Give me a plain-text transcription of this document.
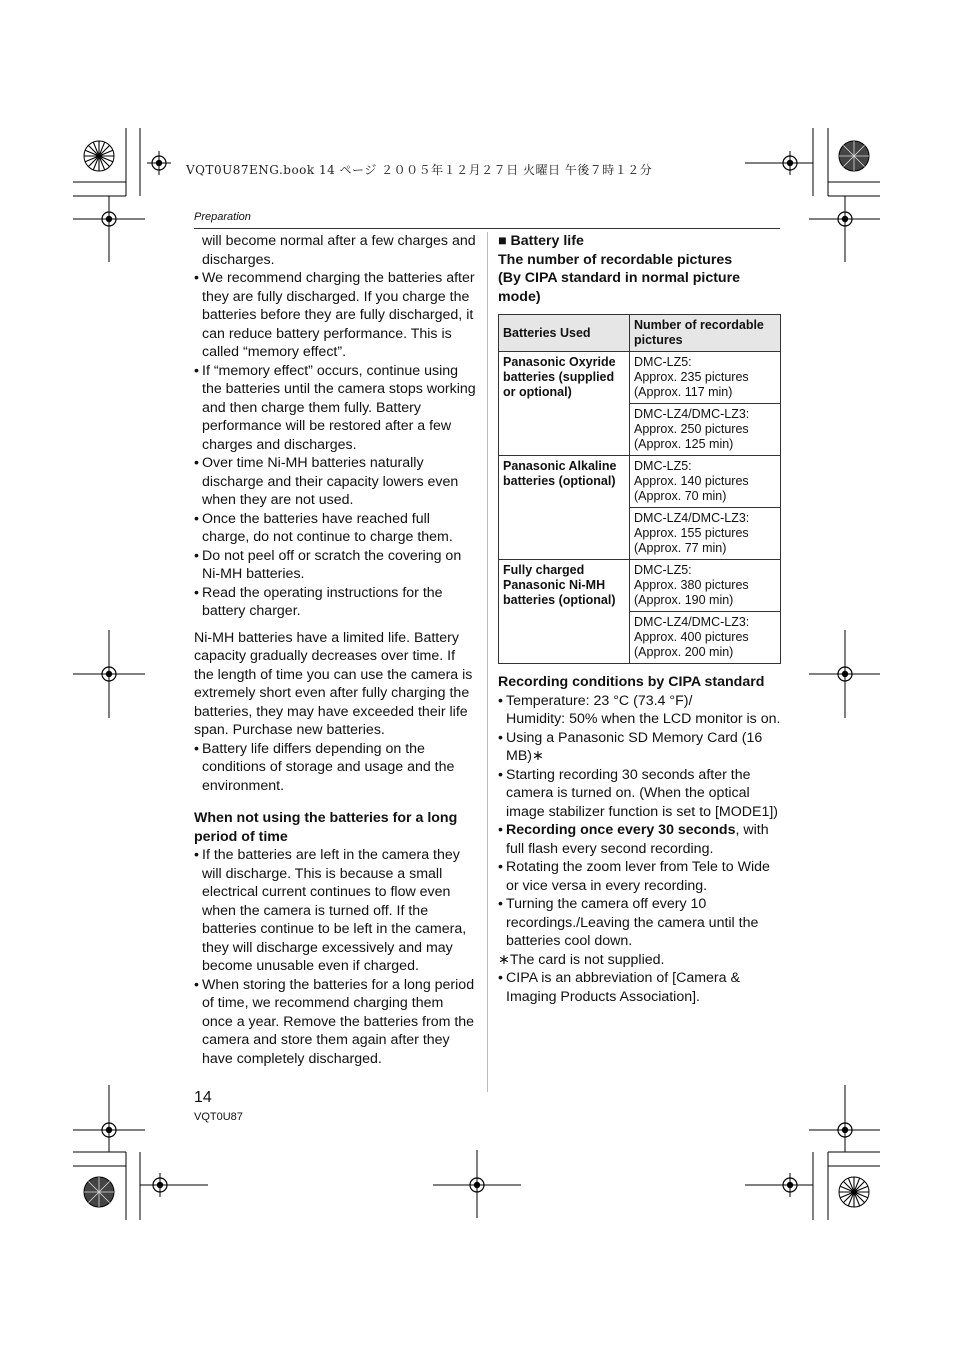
VQT0U87ENG.book 14 ページ ２００５年１２月２７日 火曜日 午後７時１２分
Preparation

will become normal after a few charges and discharges.

• We recommend charging the batteries after they are fully discharged. If you charge the batteries before they are fully discharged, it can reduce battery performance. This is called “memory effect”.
• If “memory effect” occurs, continue using the batteries until the camera stops working and then charge them fully. Battery performance will be restored after a few charges and discharges.
• Over time Ni-MH batteries naturally discharge and their capacity lowers even when they are not used.
• Once the batteries have reached full charge, do not continue to charge them.
• Do not peel off or scratch the covering on Ni-MH batteries.
• Read the operating instructions for the battery charger.

Ni-MH batteries have a limited life. Battery capacity gradually decreases over time. If the length of time you can use the camera is extremely short even after fully charging the batteries, they may have exceeded their life span. Purchase new batteries.

• Battery life differs depending on the conditions of storage and usage and the environment.

When not using the batteries for a long period of time

• If the batteries are left in the camera they will discharge. This is because a small electrical current continues to flow even when the camera is turned off. If the batteries continue to be left in the camera, they will discharge excessively and may become unusable even if charged.
• When storing the batteries for a long period of time, we recommend charging them once a year. Remove the batteries from the camera and store them again after they have completely discharged.

■ Battery life

The number of recordable pictures

(By CIPA standard in normal picture mode)

Batteries Used	Number of recordable pictures
Panasonic Oxyride batteries (supplied or optional)	DMC-LZ5:
Approx. 235 pictures
(Approx. 117 min)

	DMC-LZ4/DMC-LZ3:
Approx. 250 pictures
(Approx. 125 min)

Panasonic Alkaline batteries (optional)	DMC-LZ5:
Approx. 140 pictures
(Approx. 70 min)

	DMC-LZ4/DMC-LZ3:
Approx. 155 pictures
(Approx. 77 min)

Fully charged Panasonic Ni-MH batteries (optional)	DMC-LZ5:
Approx. 380 pictures
(Approx. 190 min)

	DMC-LZ4/DMC-LZ3:
Approx. 400 pictures
(Approx. 200 min)

Recording conditions by CIPA standard

• Temperature: 23 °C (73.4 °F)/
Humidity: 50% when the LCD monitor is on.
• Using a Panasonic SD Memory Card (16 MB)∗
• Starting recording 30 seconds after the camera is turned on. (When the optical image stabilizer function is set to [MODE1])
• Recording once every 30 seconds, with full flash every second recording.
• Rotating the zoom lever from Tele to Wide or vice versa in every recording.
• Turning the camera off every 10 recordings./Leaving the camera until the batteries cool down.

∗The card is not supplied.

• CIPA is an abbreviation of [Camera & Imaging Products Association].
14
VQT0U87
